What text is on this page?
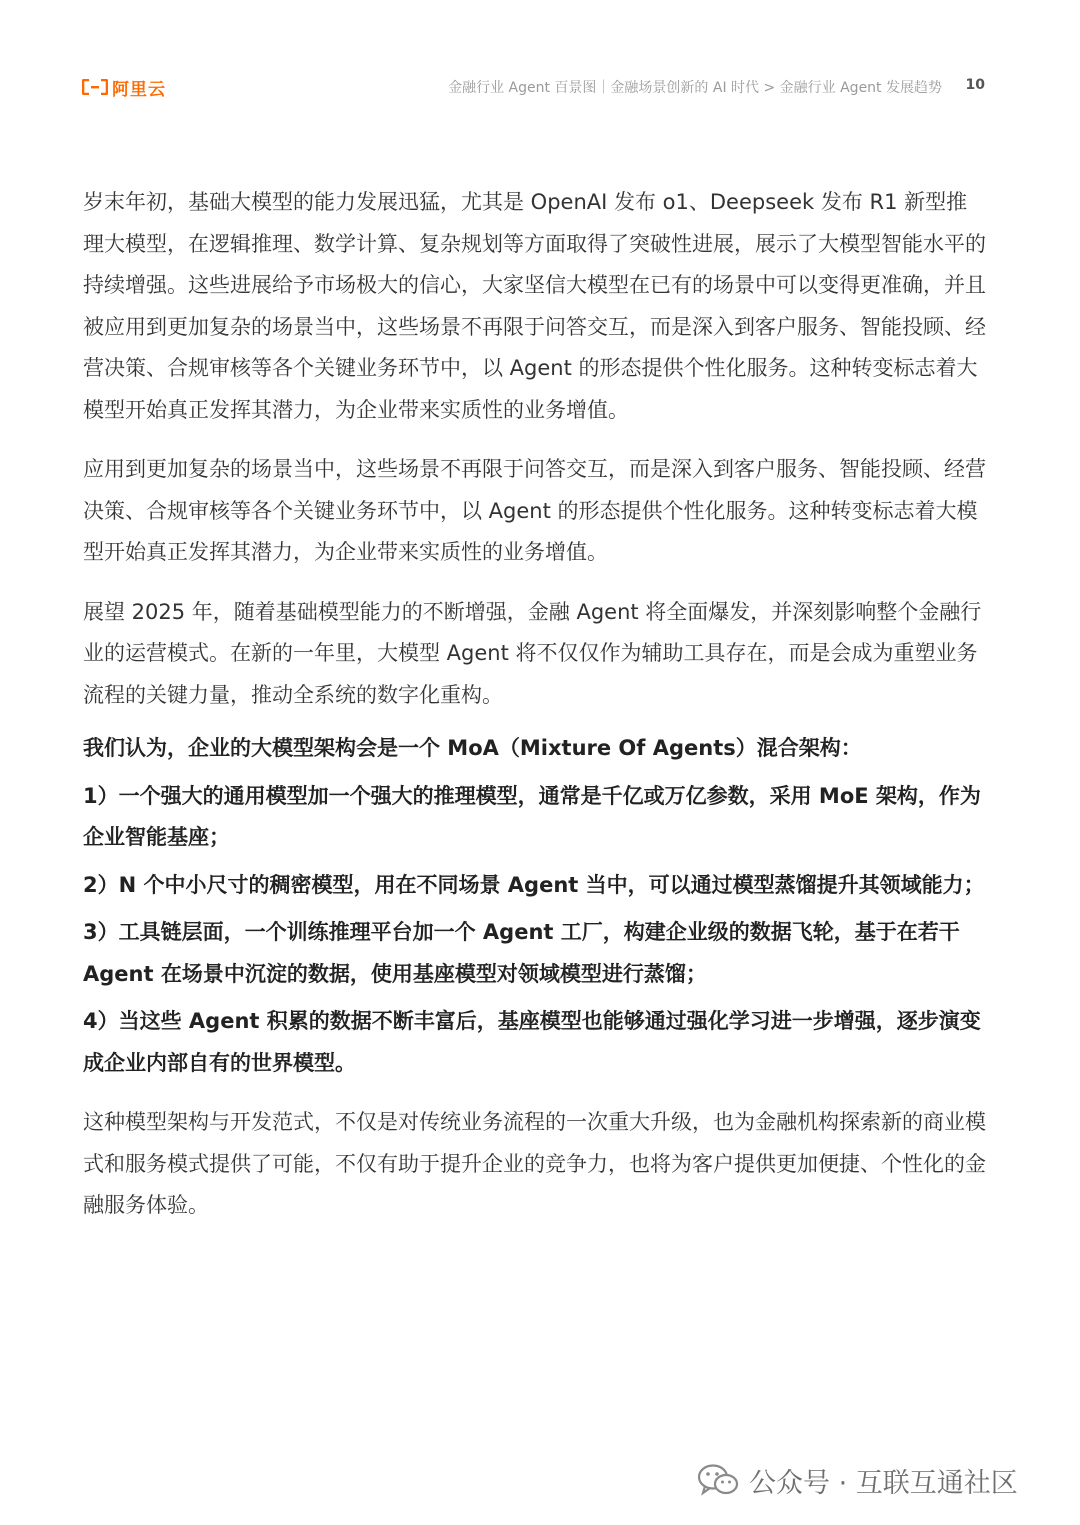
阿里云	金融行业 Agent 百景图｜金融场景创新的 AI 时代 > 金融行业 Agent 发展趋势 10

岁末年初，基础大模型的能力发展迅猛，尤其是 OpenAI 发布 o1、Deepseek 发布 R1 新型推理大模型，在逻辑推理、数学计算、复杂规划等方面取得了突破性进展，展示了大模型智能水平的持续增强。这些进展给予市场极大的信心，大家坚信大模型在已有的场景中可以变得更准确，并且被应用到更加复杂的场景当中，这些场景不再限于问答交互，而是深入到客户服务、智能投顾、经营决策、合规审核等各个关键业务环节中，以 Agent 的形态提供个性化服务。这种转变标志着大模型开始真正发挥其潜力，为企业带来实质性的业务增值。

应用到更加复杂的场景当中，这些场景不再限于问答交互，而是深入到客户服务、智能投顾、经营决策、合规审核等各个关键业务环节中，以 Agent 的形态提供个性化服务。这种转变标志着大模型开始真正发挥其潜力，为企业带来实质性的业务增值。

展望 2025 年，随着基础模型能力的不断增强，金融 Agent 将全面爆发，并深刻影响整个金融行业的运营模式。在新的一年里，大模型 Agent 将不仅仅作为辅助工具存在，而是会成为重塑业务流程的关键力量，推动全系统的数字化重构。

我们认为，企业的大模型架构会是一个 MoA（Mixture Of Agents）混合架构：

1）一个强大的通用模型加一个强大的推理模型，通常是千亿或万亿参数，采用 MoE 架构，作为企业智能基座；

2）N 个中小尺寸的稠密模型，用在不同场景 Agent 当中，可以通过模型蒸馏提升其领域能力；

3）工具链层面，一个训练推理平台加一个 Agent 工厂，构建企业级的数据飞轮，基于在若干 Agent 在场景中沉淀的数据，使用基座模型对领域模型进行蒸馏；

4）当这些 Agent 积累的数据不断丰富后，基座模型也能够通过强化学习进一步增强，逐步演变成企业内部自有的世界模型。

这种模型架构与开发范式，不仅是对传统业务流程的一次重大升级，也为金融机构探索新的商业模式和服务模式提供了可能，不仅有助于提升企业的竞争力，也将为客户提供更加便捷、个性化的金融服务体验。

公众号 · 互联互通社区
